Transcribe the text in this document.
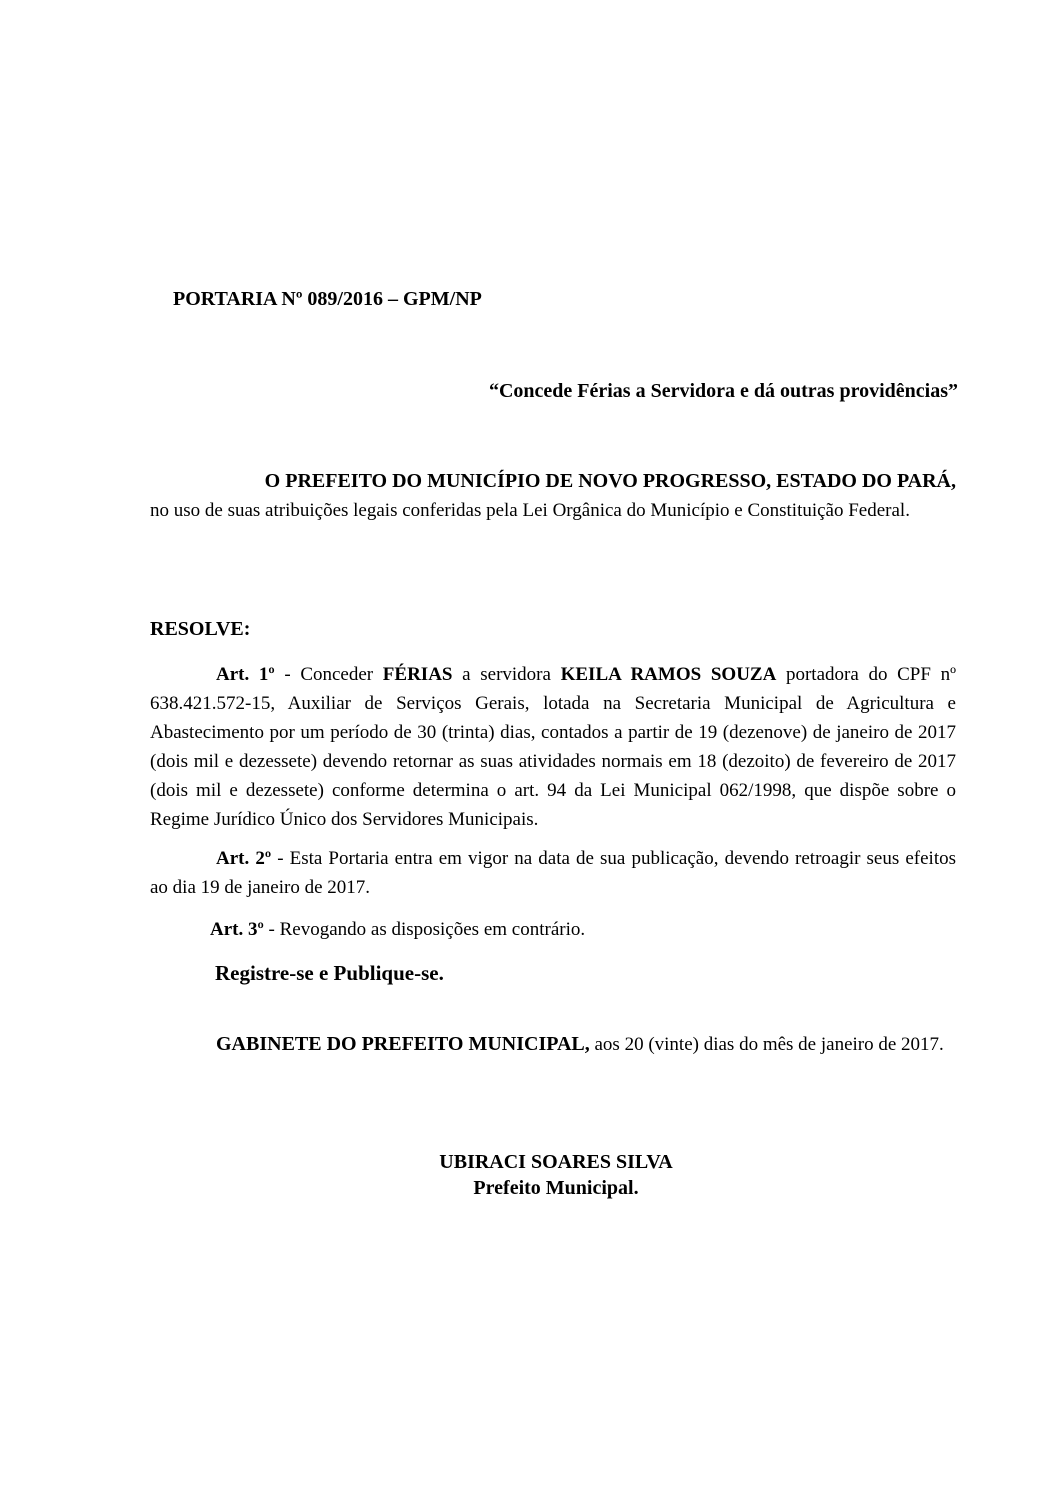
PORTARIA Nº 089/2016 – GPM/NP
“Concede Férias a Servidora e dá outras providências”
O PREFEITO DO MUNICÍPIO DE NOVO PROGRESSO, ESTADO DO PARÁ,
no uso de suas atribuições legais conferidas pela Lei Orgânica do Município e Constituição Federal.
RESOLVE:
Art. 1º - Conceder FÉRIAS a servidora KEILA RAMOS SOUZA portadora do CPF nº 638.421.572-15, Auxiliar de Serviços Gerais, lotada na Secretaria Municipal de Agricultura e Abastecimento por um período de 30 (trinta) dias, contados a partir de 19 (dezenove) de janeiro de 2017 (dois mil e dezessete) devendo retornar as suas atividades normais em 18 (dezoito) de fevereiro de 2017 (dois mil e dezessete) conforme determina o art. 94 da Lei Municipal 062/1998, que dispõe sobre o Regime Jurídico Único dos Servidores Municipais.
Art. 2º - Esta Portaria entra em vigor na data de sua publicação, devendo retroagir seus efeitos ao dia 19 de janeiro de 2017.
Art. 3º - Revogando as disposições em contrário.
Registre-se e Publique-se.
GABINETE DO PREFEITO MUNICIPAL, aos 20 (vinte) dias do mês de janeiro de 2017.
UBIRACI SOARES SILVA
Prefeito Municipal.
